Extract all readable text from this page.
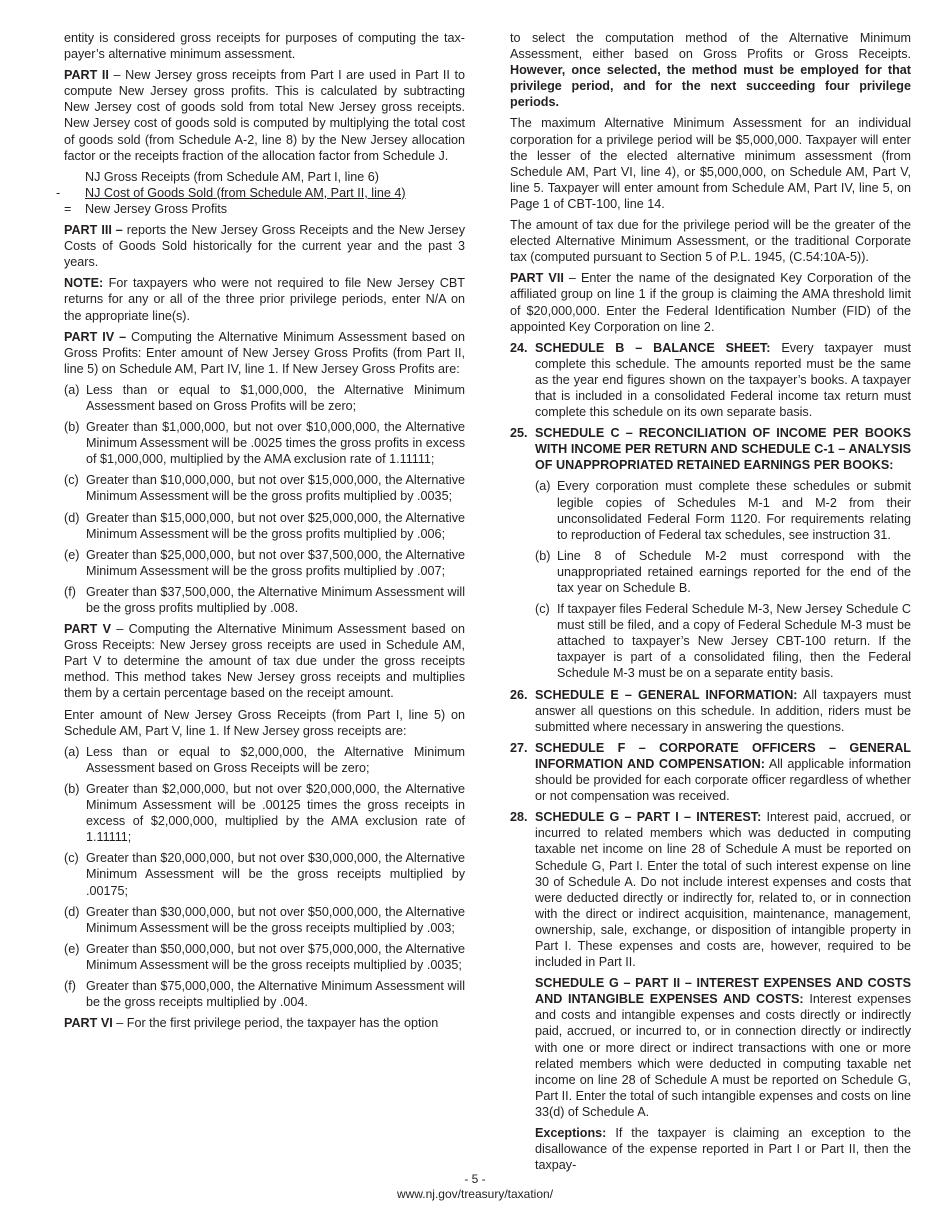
entity is considered gross receipts for purposes of computing the tax-payer’s alternative minimum assessment.

PART II – New Jersey gross receipts from Part I are used in Part II to compute New Jersey gross profits. This is calculated by subtracting New Jersey cost of goods sold from total New Jersey gross receipts. New Jersey cost of goods sold is computed by multiplying the total cost of goods sold (from Schedule A-2, line 8) by the New Jersey allocation factor or the receipts fraction of the allocation factor from Schedule J.

NJ Gross Receipts (from Schedule AM, Part I, line 6)
-	NJ Cost of Goods Sold (from Schedule AM, Part II, line 4)
=	New Jersey Gross Profits

PART III – reports the New Jersey Gross Receipts and the New Jersey Costs of Goods Sold historically for the current year and the past 3 years.

NOTE: For taxpayers who were not required to file New Jersey CBT returns for any or all of the three prior privilege periods, enter N/A on the appropriate line(s).

PART IV – Computing the Alternative Minimum Assessment based on Gross Profits: Enter amount of New Jersey Gross Profits (from Part II, line 5) on Schedule AM, Part IV, line 1. If New Jersey Gross Profits are:

(a) Less than or equal to $1,000,000, the Alternative Minimum Assessment based on Gross Profits will be zero;
(b) Greater than $1,000,000, but not over $10,000,000, the Alternative Minimum Assessment will be .0025 times the gross profits in excess of $1,000,000, multiplied by the AMA exclusion rate of 1.11111;
(c) Greater than $10,000,000, but not over $15,000,000, the Alternative Minimum Assessment will be the gross profits multiplied by .0035;
(d) Greater than $15,000,000, but not over $25,000,000, the Alternative Minimum Assessment will be the gross profits multiplied by .006;
(e) Greater than $25,000,000, but not over $37,500,000, the Alternative Minimum Assessment will be the gross profits multiplied by .007;
(f) Greater than $37,500,000, the Alternative Minimum Assessment will be the gross profits multiplied by .008.

PART V – Computing the Alternative Minimum Assessment based on Gross Receipts: New Jersey gross receipts are used in Schedule AM, Part V to determine the amount of tax due under the gross receipts method. This method takes New Jersey gross receipts and multiplies them by a certain percentage based on the receipt amount.

Enter amount of New Jersey Gross Receipts (from Part I, line 5) on Schedule AM, Part V, line 1. If New Jersey gross receipts are:

(a) Less than or equal to $2,000,000, the Alternative Minimum Assessment based on Gross Receipts will be zero;
(b) Greater than $2,000,000, but not over $20,000,000, the Alternative Minimum Assessment will be .00125 times the gross receipts in excess of $2,000,000, multiplied by the AMA exclusion rate of 1.11111;
(c) Greater than $20,000,000, but not over $30,000,000, the Alternative Minimum Assessment will be the gross receipts multiplied by .00175;
(d) Greater than $30,000,000, but not over $50,000,000, the Alternative Minimum Assessment will be the gross receipts multiplied by .003;
(e) Greater than $50,000,000, but not over $75,000,000, the Alternative Minimum Assessment will be the gross receipts multiplied by .0035;
(f) Greater than $75,000,000, the Alternative Minimum Assessment will be the gross receipts multiplied by .004.

PART VI – For the first privilege period, the taxpayer has the option

to select the computation method of the Alternative Minimum Assessment, either based on Gross Profits or Gross Receipts. However, once selected, the method must be employed for that privilege period, and for the next succeeding four privilege periods.

The maximum Alternative Minimum Assessment for an individual corporation for a privilege period will be $5,000,000. Taxpayer will enter the lesser of the elected alternative minimum assessment (from Schedule AM, Part VI, line 4), or $5,000,000, on Schedule AM, Part V, line 5. Taxpayer will enter amount from Schedule AM, Part IV, line 5, on Page 1 of CBT-100, line 14.

The amount of tax due for the privilege period will be the greater of the elected Alternative Minimum Assessment, or the traditional Corporate tax (computed pursuant to Section 5 of P.L. 1945, (C.54:10A-5)).

PART VII – Enter the name of the designated Key Corporation of the affiliated group on line 1 if the group is claiming the AMA threshold limit of $20,000,000. Enter the Federal Identification Number (FID) of the appointed Key Corporation on line 2.

24. SCHEDULE B – BALANCE SHEET: Every taxpayer must complete this schedule. The amounts reported must be the same as the year end figures shown on the taxpayer’s books. A taxpayer that is included in a consolidated Federal income tax return must complete this schedule on its own separate basis.
25. SCHEDULE C – RECONCILIATION OF INCOME PER BOOKS WITH INCOME PER RETURN AND SCHEDULE C-1 – ANALYSIS OF UNAPPROPRIATED RETAINED EARNINGS PER BOOKS:
(a) Every corporation must complete these schedules or submit legible copies of Schedules M-1 and M-2 from their unconsolidated Federal Form 1120. For requirements relating to reproduction of Federal tax schedules, see instruction 31.
(b) Line 8 of Schedule M-2 must correspond with the unappropriated retained earnings reported for the end of the tax year on Schedule B.
(c) If taxpayer files Federal Schedule M-3, New Jersey Schedule C must still be filed, and a copy of Federal Schedule M-3 must be attached to taxpayer’s New Jersey CBT-100 return. If the taxpayer is part of a consolidated filing, then the Federal Schedule M-3 must be on a separate entity basis.
26. SCHEDULE E – GENERAL INFORMATION: All taxpayers must answer all questions on this schedule. In addition, riders must be submitted where necessary in answering the questions.
27. SCHEDULE F – CORPORATE OFFICERS – GENERAL INFORMATION AND COMPENSATION: All applicable information should be provided for each corporate officer regardless of whether or not compensation was received.
28. SCHEDULE G – PART I – INTEREST: Interest paid, accrued, or incurred to related members which was deducted in computing taxable net income on line 28 of Schedule A must be reported on Schedule G, Part I. Enter the total of such interest expense on line 30 of Schedule A. Do not include interest expenses and costs that were deducted directly or indirectly for, related to, or in connection with the direct or indirect acquisition, maintenance, management, ownership, sale, exchange, or disposition of intangible property in Part I. These expenses and costs are, however, required to be included in Part II.

SCHEDULE G – PART II – INTEREST EXPENSES AND COSTS AND INTANGIBLE EXPENSES AND COSTS: Interest expenses and costs and intangible expenses and costs directly or indirectly paid, accrued, or incurred to, or in connection directly or indirectly with one or more direct or indirect transactions with one or more related members which were deducted in computing taxable net income on line 28 of Schedule A must be reported on Schedule G, Part II. Enter the total of such intangible expenses and costs on line 33(d) of Schedule A.

Exceptions: If the taxpayer is claiming an exception to the disallowance of the expense reported in Part I or Part II, then the taxpay-

- 5 -
www.nj.gov/treasury/taxation/
